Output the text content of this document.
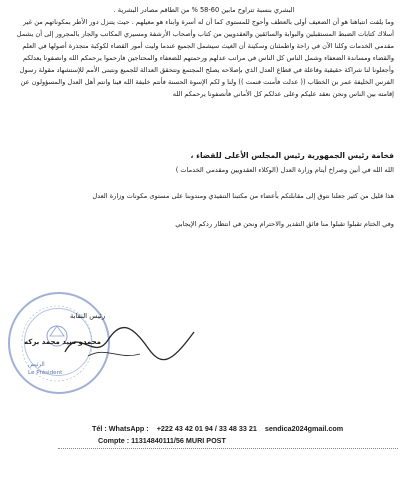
البشري بنسبة تتراوح مابين 60-58 % من الطاقم مصادر البشرية .
وما يلفت انتباهنا هو أن الضعيف أولى بالعطف وأحوج للمستوى كما أن له أسرة وابناء هو معيلهم . حيث يتنزل دور الأطر بمكوناتهم من غير أسلاك كتابات الضبط المستقبلين والبوابة والسائقين والعقدويين من كتاب وأصحاب الأرشفة ومسيري المكاتب والجار بالمجرور إلى أن يشمل مقدمي الخدمات وكلنا الآن في راحة واطمئنان وسكينة أن الغيث سيشمل الجميع عندما وليت أمور القضاء لكوكبة متجذرة أصولها في العلم والقضاء ومساندة الضعفاء وشمل الناس كل الناس في مراتب عدلهم ورحمتهم للضعفاء والمحتاجين فارحموا يرحمكم الله وانصفونا يعدلكم وأجعلونا لنا شراكة حقيقية وفاعلة في قطاع العدل الذي بإصلاحه يصلح المجتمع وتتحقق العدالة للجميع ونتبنى الأمم للإستشهاد مقولة رسول الفرس الخليفة عمر بن الخطاب (( عدلت فأمنت فنمت )) ولنا و لكم الإسوة الحسنة فأنتم خليفة الله فينا وانتم أهل العدل والمسؤولون عن إقامته بين الناس ونحن نعقد عليكم وعلى عدلكم كل الأماني فأنصفونا يرحمكم الله
فخامة رئيس الجمهورية رئيس المجلس الأعلى للقضاء ،
الله الله في أنين وصراخ أيتام وزارة العدل (الوكلاء العقدويين ومقدمي الخدمات )
هذا قليل من كثير جعلنا نتوق إلى مقابلتكم بأعضاء من مكتبنا التنفيذي ومندوبنا على مستوى مكونات وزارة العدل
وفي الختام تقبلوا تقبلوا منا فائق التقدير والاحترام ونحن في انتظار ردكم الإيجابي
الرئيس
Le Président
رئيس النقابة
محمدو سيد محمد بركه
Tél : WhatsApp : +222 43 42 01 94 / 33 48 33 21 sendica2024gmail.com
Compte : 11314840111/56 MURI POST
